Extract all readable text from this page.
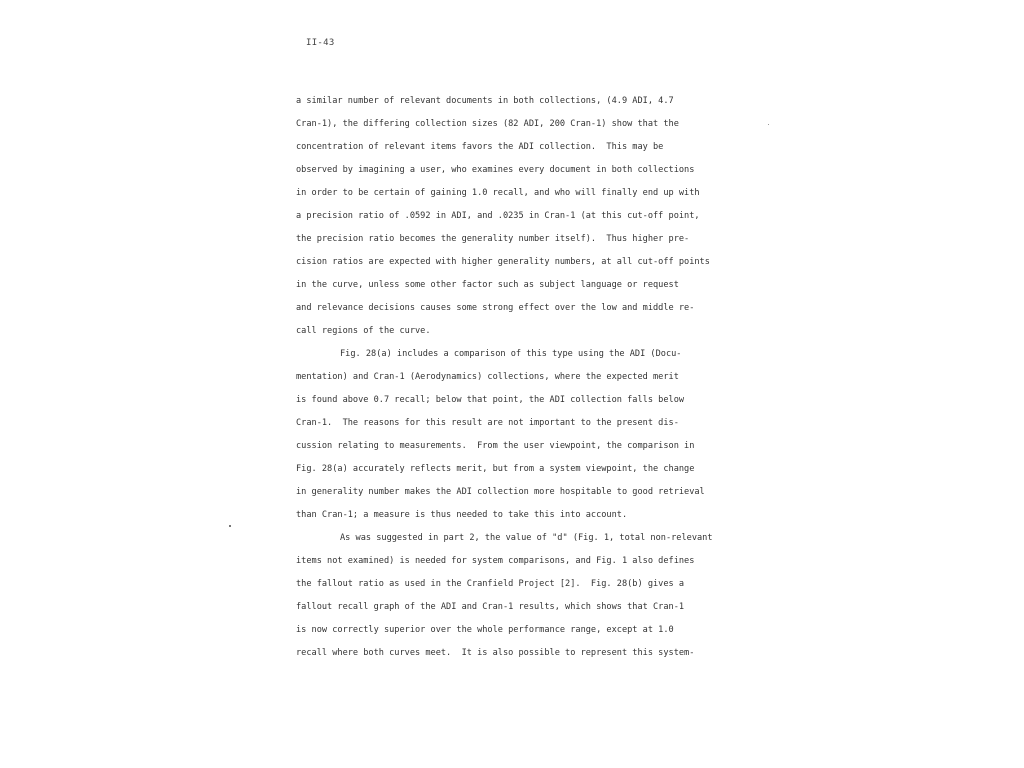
II-43
a similar number of relevant documents in both collections, (4.9 ADI, 4.7
Cran-1), the differing collection sizes (82 ADI, 200 Cran-1) show that the
concentration of relevant items favors the ADI collection.  This may be
observed by imagining a user, who examines every document in both collections
in order to be certain of gaining 1.0 recall, and who will finally end up with
a precision ratio of .0592 in ADI, and .0235 in Cran-1 (at this cut-off point,
the precision ratio becomes the generality number itself).  Thus higher pre-
cision ratios are expected with higher generality numbers, at all cut-off points
in the curve, unless some other factor such as subject language or request
and relevance decisions causes some strong effect over the low and middle re-
call regions of the curve.
Fig. 28(a) includes a comparison of this type using the ADI (Docu-
mentation) and Cran-1 (Aerodynamics) collections, where the expected merit
is found above 0.7 recall; below that point, the ADI collection falls below
Cran-1.  The reasons for this result are not important to the present dis-
cussion relating to measurements.  From the user viewpoint, the comparison in
Fig. 28(a) accurately reflects merit, but from a system viewpoint, the change
in generality number makes the ADI collection more hospitable to good retrieval
than Cran-1; a measure is thus needed to take this into account.
As was suggested in part 2, the value of "d" (Fig. 1, total non-relevant
items not examined) is needed for system comparisons, and Fig. 1 also defines
the fallout ratio as used in the Cranfield Project [2].  Fig. 28(b) gives a
fallout recall graph of the ADI and Cran-1 results, which shows that Cran-1
is now correctly superior over the whole performance range, except at 1.0
recall where both curves meet.  It is also possible to represent this system-
